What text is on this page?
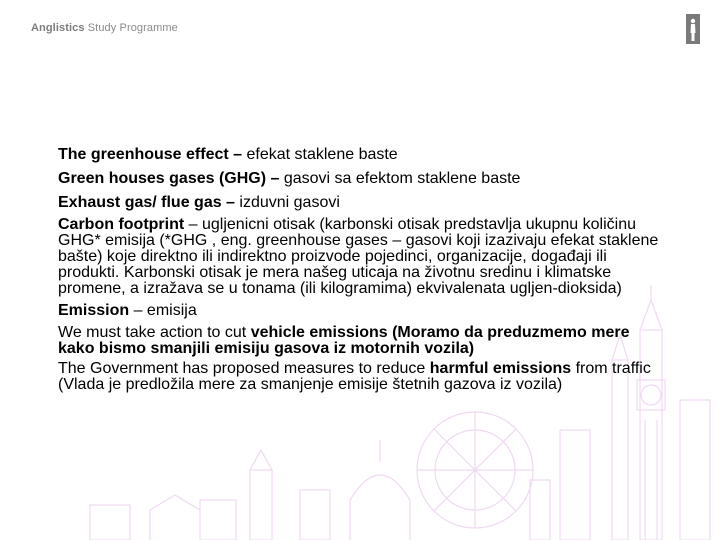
Anglistics Study Programme

The greenhouse effect – efekat staklene baste

Green houses gases (GHG) – gasovi sa efektom staklene baste

Exhaust gas/ flue gas – izduvni gasovi

Carbon footprint – ugljenicni otisak (karbonski otisak predstavlja ukupnu količinu GHG* emisija (*GHG , eng. greenhouse gases – gasovi koji izazivaju efekat staklene bašte) koje direktno ili indirektno proizvode pojedinci, organizacije, događaji ili produkti. Karbonski otisak je mera našeg uticaja na životnu sredinu i klimatske promene, a izražava se u tonama (ili kilogramima) ekvivalenata ugljen-dioksida)

Emission – emisija

We must take action to cut vehicle emissions (Moramo da preduzmemo mere kako bismo smanjili emisiju gasova iz motornih vozila)

The Government has proposed measures to reduce harmful emissions from traffic (Vlada je predložila mere za smanjenje emisije štetnih gazova iz vozila)
